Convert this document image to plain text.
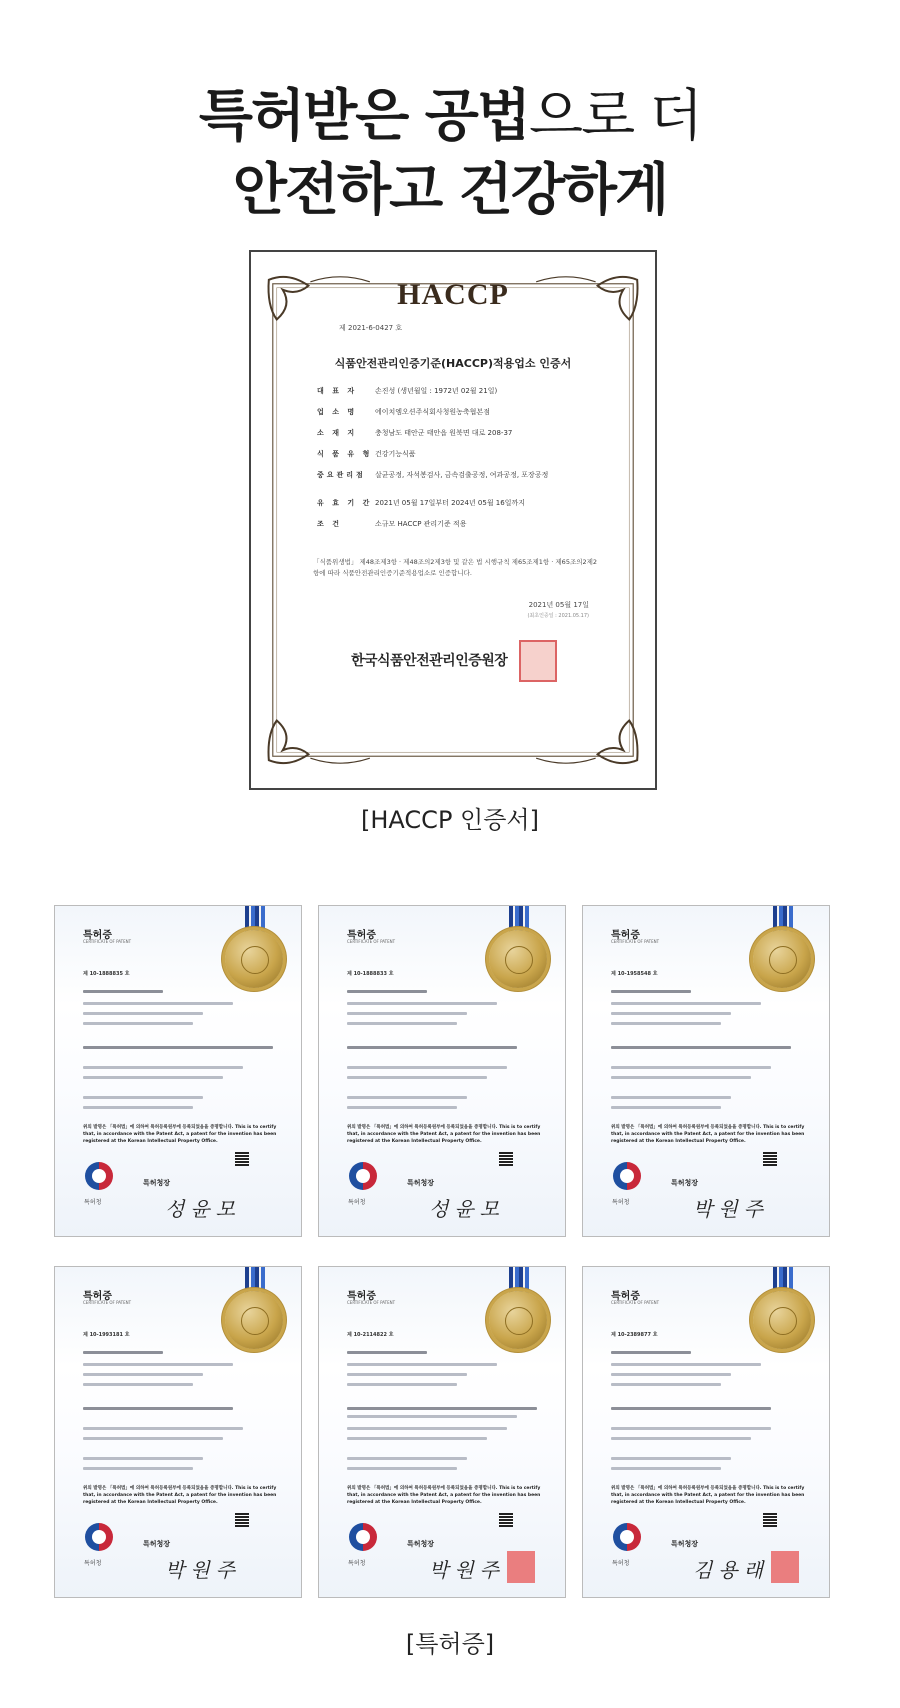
특허받은 공법으로 더
안전하고 건강하게
HACCP
제 2021-6-0427 호
식품안전관리인증기준(HACCP)적용업소 인증서
대 표 자	손진성 (생년월일 : 1972년 02월 21일)
업 소 명	에이치엠오션주식회사청원농축협본점
소 재 지	충청남도 태안군 태안읍 원북면 대로 208-37
식 품 유 형 건강기능식품
중요관리점	살균공정, 자석봉검사, 금속검출공정, 여과공정, 포장공정
유 효 기 간 2021년 05월 17일부터 2024년 05월 16일까지
조 건	소규모 HACCP 관리기준 적용
「식품위생법」 제48조제3항 · 제48조의2제3항 및 같은 법 시행규칙 제65조제1항 · 제65조의2제2항에 따라 식품안전관리인증기준적용업소로 인증합니다.
2021년 05월 17일
(최초인증일 : 2021.05.17)
한국식품안전관리인증원장
[HACCP 인증서]
특허증
CERTIFICATE OF PATENT
제 10-1888835 호
위의 발명은 「특허법」에 의하여 특허등록원부에 등록되었음을 증명합니다. This is to certify that, in accordance with the Patent Act, a patent for the invention has been registered at the Korean Intellectual Property Office.
특허청
특허청장
성윤모
특허증
CERTIFICATE OF PATENT
제 10-1888833 호
위의 발명은 「특허법」에 의하여 특허등록원부에 등록되었음을 증명합니다. This is to certify that, in accordance with the Patent Act, a patent for the invention has been registered at the Korean Intellectual Property Office.
특허청
특허청장
성윤모
특허증
CERTIFICATE OF PATENT
제 10-1958548 호
위의 발명은 「특허법」에 의하여 특허등록원부에 등록되었음을 증명합니다. This is to certify that, in accordance with the Patent Act, a patent for the invention has been registered at the Korean Intellectual Property Office.
특허청
특허청장
박원주
특허증
CERTIFICATE OF PATENT
제 10-1993181 호
위의 발명은 「특허법」에 의하여 특허등록원부에 등록되었음을 증명합니다. This is to certify that, in accordance with the Patent Act, a patent for the invention has been registered at the Korean Intellectual Property Office.
특허청
특허청장
박원주
특허증
CERTIFICATE OF PATENT
제 10-2114822 호
위의 발명은 「특허법」에 의하여 특허등록원부에 등록되었음을 증명합니다. This is to certify that, in accordance with the Patent Act, a patent for the invention has been registered at the Korean Intellectual Property Office.
특허청
특허청장
박원주
특허증
CERTIFICATE OF PATENT
제 10-2389877 호
위의 발명은 「특허법」에 의하여 특허등록원부에 등록되었음을 증명합니다. This is to certify that, in accordance with the Patent Act, a patent for the invention has been registered at the Korean Intellectual Property Office.
특허청
특허청장
김용래
[특허증]
